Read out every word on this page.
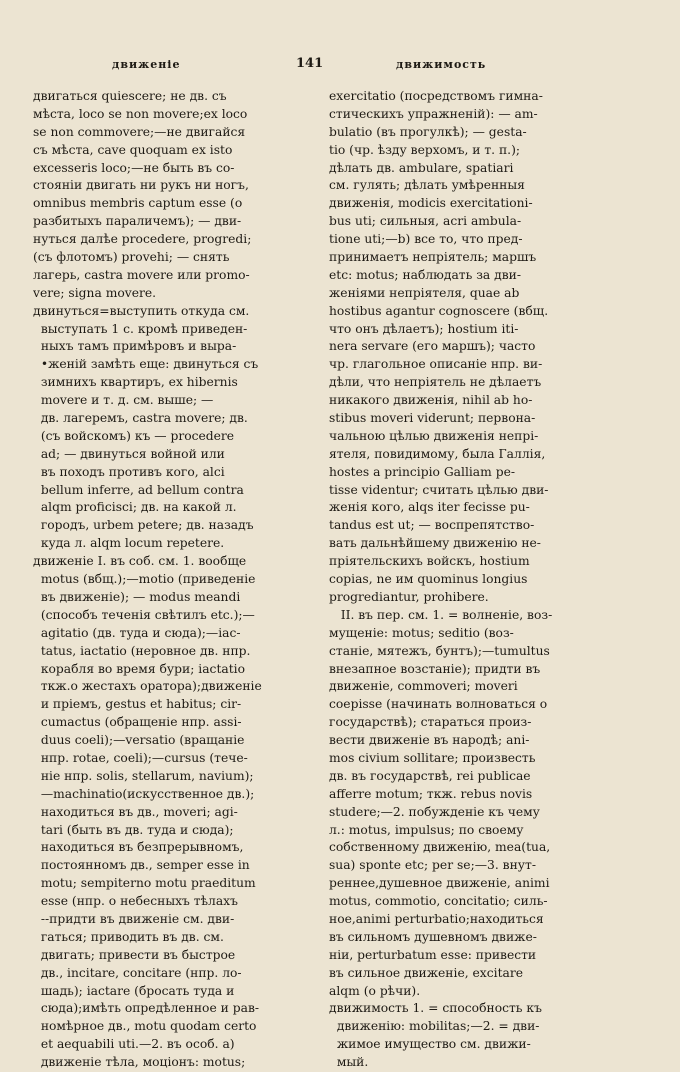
движеніе	141	движимость
двигаться quiescere; не дв. съ
мѣста, loco se non movere;ex loco
se non commovere;—не двигайся
съ мѣста, cave quoquam ex isto
excesseris loco;—не быть въ со-
стояніи двигать ни рукъ ни ногъ,
omnibus membris captum esse (о
разбитыхъ параличемъ); — дви-
нуться далѣе procedere, progredi;
(съ флотомъ) provehi; — снять
лагерь, castra movere или promo-
vere; signa movere.
двинуться=выступить откуда см.
выступать 1 с. кромѣ приведен-
ныхъ тамъ примѣровъ и выра-
•женій замѣть еще: двинуться съ
зимнихъ квартиръ, ex hibernis
movere и т. д. см. выше; —
дв. лагеремъ, castra movere; дв.
(съ войскомъ) къ — procedere
ad; — двинуться войной или
въ походъ противъ кого, alci
bellum inferre, ad bellum contra
alqm proficisci; дв. на какой л.
городъ, urbem petere; дв. назадъ
куда л. alqm locum repetere.
движеніе I. въ соб. см. 1. вообще
motus (вбщ.);—motio (приведеніе
въ движеніе); — modus meandi
(способъ теченія свѣтилъ etc.);—
agitatio (дв. туда и сюда);—iac-
tatus, iactatio (неровное дв. нпр.
корабля во время бури; iactatio
ткж.о жестахъ оратора);движеніе
и пріемъ, gestus et habitus; cir-
cumactus (обращеніе нпр. assi-
duus coeli);—versatio (вращаніе
нпр. rotae, coeli);—cursus (тече-
ніе нпр. solis, stellarum, navium);
—machinatio(искусственное дв.);
находиться въ дв., moveri; agi-
tari (быть въ дв. туда и сюда);
находиться въ безпрерывномъ,
постоянномъ дв., semper esse in
motu; sempiterno motu praeditum
esse (нпр. о небесныхъ тѣлахъ
--придти въ движеніе см. дви-
гаться; приводить въ дв. см.
двигать; привести въ быстрое
дв., incitare, concitare (нпр. ло-
шадь); iactare (бросать туда и
сюда);имѣть опредѣленное и рав-
номѣрное дв., motu quodam certo
et aequabili uti.—2. въ особ. а)
движеніе тѣла, моціонъ: motus;
exercitatio (посредствомъ гимна-
стическихъ упражненій): — am-
bulatio (въ прогулкѣ); — gesta-
tio (чр. ѣзду верхомъ, и т. п.);
дѣлать дв. ambulare, spatiari
см. гулять; дѣлать умѣренныя
движенія, modicis exercitationi-
bus uti; сильныя, acri ambula-
tione uti;—b) все то, что пред-
принимаетъ непріятель; маршъ
etc: motus; наблюдать за дви-
женіями непріятеля, quae ab
hostibus agantur cognoscere (вбщ.
что онъ дѣлаетъ); hostium iti-
nera servare (его маршъ); часто
чр. глагольное описаніе нпр. ви-
дѣли, что непріятель не дѣлаетъ
никакого движенія, nihil ab ho-
stibus moveri viderunt; первона-
чальною цѣлью движенія непрі-
ятеля, повидимому, была Галлія,
hostes a principio Galliam pe-
tisse videntur; считать цѣлью дви-
женія кого, alqs iter fecisse pu-
tandus est ut; — воспрепятство-
вать дальнѣйшему движенію не-
пріятельскихъ войскъ, hostium
copias, ne им quominus longius
progrediantur, prohibere.
II. въ пер. см. 1. = волненіе, воз-
мущеніе: motus; seditio (воз-
станіе, мятежъ, бунтъ);—tumultus
внезапное возстаніе); придти въ
движеніе, commoveri; moveri
coepisse (начинать волноваться о
государствѣ); стараться произ-
вести движеніе въ народѣ; ani-
mos civium sollitare; произвесть
дв. въ государствѣ, rei publicae
afferre motum; ткж. rebus novis
studere;—2. побужденіе къ чему
л.: motus, impulsus; по своему
собственному движенію, mea(tua,
sua) sponte etc; per se;—3. внут-
реннее,душевное движеніе, animi
motus, commotio, concitatio; силь-
ное,animi perturbatio;находиться
въ сильномъ душевномъ движе-
ніи, perturbatum esse: привести
въ сильное движеніе, excitare
alqm (о рѣчи).
движимость 1. = способность къ
движенію: mobilitas;—2. = дви-
жимое имущество см. движи-
мый.
